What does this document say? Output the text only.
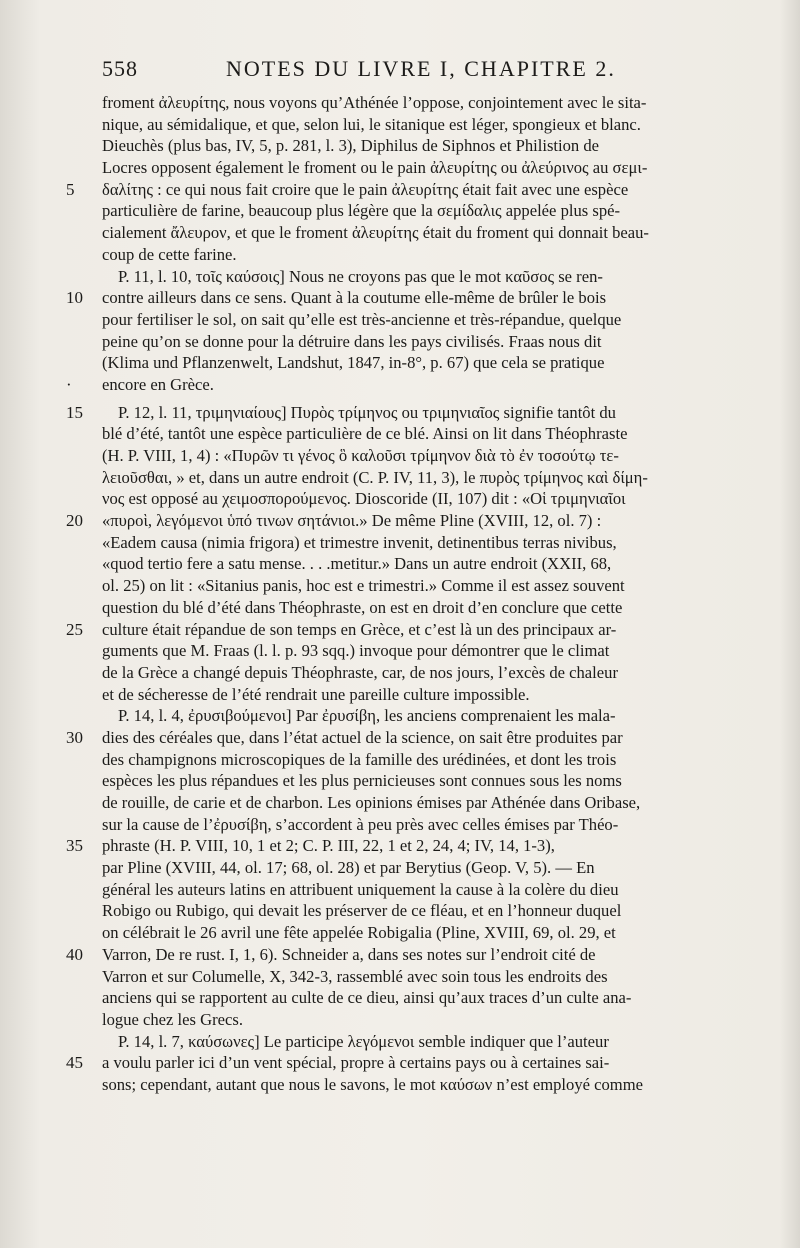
558	NOTES DU LIVRE I, CHAPITRE 2.
froment ἀλευρίτης, nous voyons qu’Athénée l’oppose, conjointement avec le sita-
nique, au sémidalique, et que, selon lui, le sitanique est léger, spongieux et blanc.
Dieuchès (plus bas, IV, 5, p. 281, l. 3), Diphilus de Siphnos et Philistion de
Locres opposent également le froment ou le pain ἀλευρίτης ou ἀλεύρινος au σεμι-
5	δαλίτης : ce qui nous fait croire que le pain ἀλευρίτης était fait avec une espèce
particulière de farine, beaucoup plus légère que la σεμίδαλις appelée plus spé-
cialement ἄλευρον, et que le froment ἀλευρίτης était du froment qui donnait beau-
coup de cette farine.
P. 11, l. 10, τοῖς καύσοις] Nous ne croyons pas que le mot καῦσος se ren-
10	contre ailleurs dans ce sens. Quant à la coutume elle-même de brûler le bois
pour fertiliser le sol, on sait qu’elle est très-ancienne et très-répandue, quelque
peine qu’on se donne pour la détruire dans les pays civilisés. Fraas nous dit
(Klima und Pflanzenwelt, Landshut, 1847, in-8°, p. 67) que cela se pratique
·	encore en Grèce.
15	P. 12, l. 11, τριμηνιαίους] Πυρὸς τρίμηνος ou τριμηνιαῖος signifie tantôt du
blé d’été, tantôt une espèce particulière de ce blé. Ainsi on lit dans Théophraste
(H. P. VIII, 1, 4) : «Πυρῶν τι γένος ὃ καλοῦσι τρίμηνον διὰ τὸ ἐν τοσούτῳ τε-
λειοῦσθαι, » et, dans un autre endroit (C. P. IV, 11, 3), le πυρὸς τρίμηνος καὶ δίμη-
νος est opposé au χειμοσπορούμενος. Dioscoride (II, 107) dit : «Οἱ τριμηνιαῖοι
20	«πυροὶ, λεγόμενοι ὑπό τινων σητάνιοι.» De même Pline (XVIII, 12, ol. 7) :
«Eadem causa (nimia frigora) et trimestre invenit, detinentibus terras nivibus,
«quod tertio fere a satu mense. . . .metitur.» Dans un autre endroit (XXII, 68,
ol. 25) on lit : «Sitanius panis, hoc est e trimestri.» Comme il est assez souvent
question du blé d’été dans Théophraste, on est en droit d’en conclure que cette
25	culture était répandue de son temps en Grèce, et c’est là un des principaux ar-
guments que M. Fraas (l. l. p. 93 sqq.) invoque pour démontrer que le climat
de la Grèce a changé depuis Théophraste, car, de nos jours, l’excès de chaleur
et de sécheresse de l’été rendrait une pareille culture impossible.
P. 14, l. 4, ἐρυσιβούμενοι] Par ἐρυσίβη, les anciens comprenaient les mala-
30	dies des céréales que, dans l’état actuel de la science, on sait être produites par
des champignons microscopiques de la famille des urédinées, et dont les trois
espèces les plus répandues et les plus pernicieuses sont connues sous les noms
de rouille, de carie et de charbon. Les opinions émises par Athénée dans Oribase,
sur la cause de l’ἐρυσίβη, s’accordent à peu près avec celles émises par Théo-
35	phraste (H. P. VIII, 10, 1 et 2; C. P. III, 22, 1 et 2, 24, 4; IV, 14, 1-3),
par Pline (XVIII, 44, ol. 17; 68, ol. 28) et par Berytius (Geop. V, 5). — En
général les auteurs latins en attribuent uniquement la cause à la colère du dieu
Robigo ou Rubigo, qui devait les préserver de ce fléau, et en l’honneur duquel
on célébrait le 26 avril une fête appelée Robigalia (Pline, XVIII, 69, ol. 29, et
40	Varron, De re rust. I, 1, 6). Schneider a, dans ses notes sur l’endroit cité de
Varron et sur Columelle, X, 342-3, rassemblé avec soin tous les endroits des
anciens qui se rapportent au culte de ce dieu, ainsi qu’aux traces d’un culte ana-
logue chez les Grecs.
P. 14, l. 7, καύσωνες] Le participe λεγόμενοι semble indiquer que l’auteur
45	a voulu parler ici d’un vent spécial, propre à certains pays ou à certaines sai-
sons; cependant, autant que nous le savons, le mot καύσων n’est employé comme
